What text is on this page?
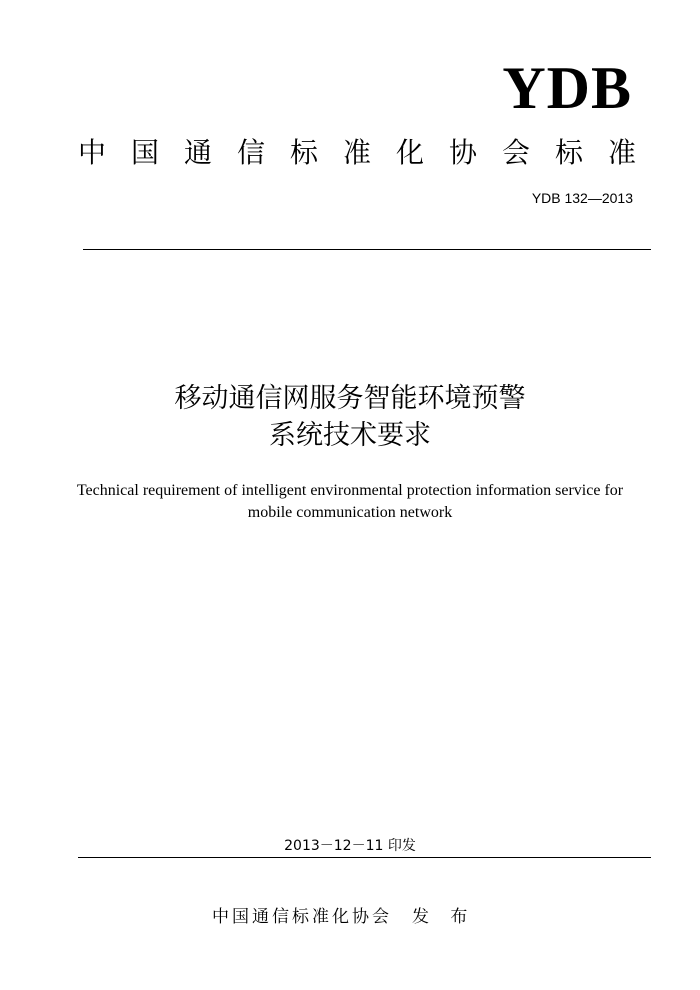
YDB
中国通信标准化协会标准
YDB 132—2013
移动通信网服务智能环境预警
系统技术要求
Technical requirement of intelligent environmental protection information service for
mobile communication network
2013－12－11 印发
中国通信标准化协会 发 布
